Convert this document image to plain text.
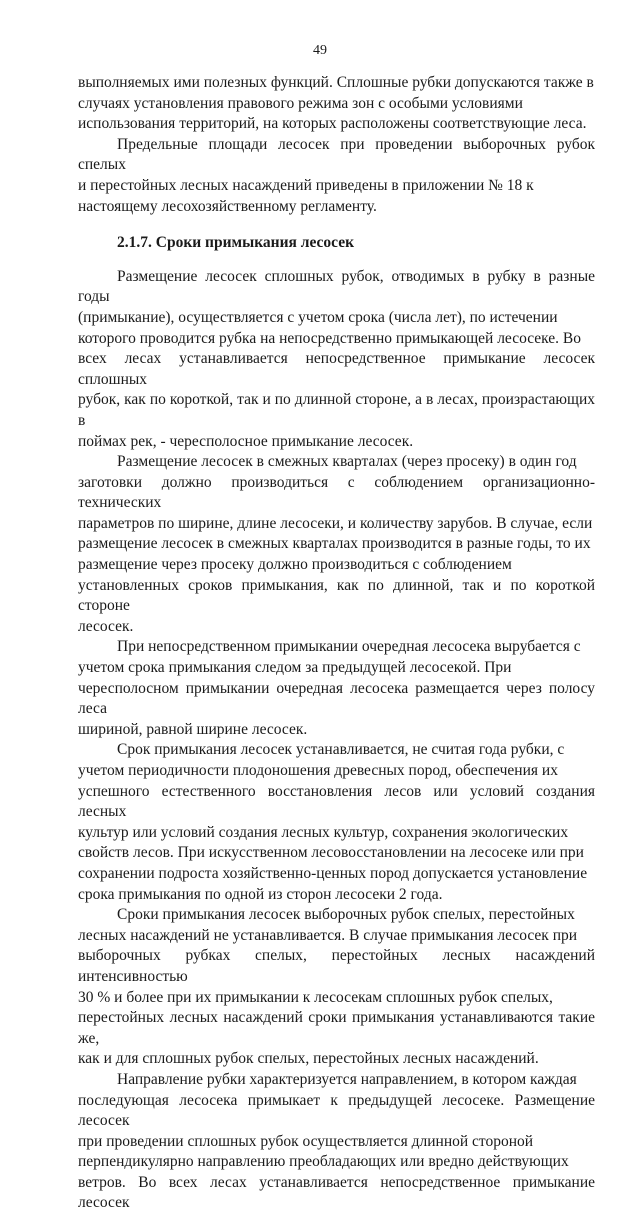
49

выполняемых ими полезных функций. Сплошные рубки допускаются также в
случаях установления правового режима зон с особыми условиями
использования территорий, на которых расположены соответствующие леса.

Предельные площади лесосек при проведении выборочных рубок спелых
и перестойных лесных насаждений приведены в приложении № 18 к
настоящему лесохозяйственному регламенту.

2.1.7. Сроки примыкания лесосек

Размещение лесосек сплошных рубок, отводимых в рубку в разные годы
(примыкание), осуществляется с учетом срока (числа лет), по истечении
которого проводится рубка на непосредственно примыкающей лесосеке. Во
всех лесах устанавливается непосредственное примыкание лесосек сплошных
рубок, как по короткой, так и по длинной стороне, а в лесах, произрастающих в
поймах рек, - чересполосное примыкание лесосек.

Размещение лесосек в смежных кварталах (через просеку) в один год
заготовки должно производиться с соблюдением организационно- технических
параметров по ширине, длине лесосеки, и количеству зарубов. В случае, если
размещение лесосек в смежных кварталах производится в разные годы, то их
размещение через просеку должно производиться с соблюдением
установленных сроков примыкания, как по длинной, так и по короткой стороне
лесосек.

При непосредственном примыкании очередная лесосека вырубается с
учетом срока примыкания следом за предыдущей лесосекой. При
чересполосном примыкании очередная лесосека размещается через полосу леса
шириной, равной ширине лесосек.

Срок примыкания лесосек устанавливается, не считая года рубки, с
учетом периодичности плодоношения древесных пород, обеспечения их
успешного естественного восстановления лесов или условий создания лесных
культур или условий создания лесных культур, сохранения экологических
свойств лесов. При искусственном лесовосстановлении на лесосеке или при
сохранении подроста хозяйственно-ценных пород допускается установление
срока примыкания по одной из сторон лесосеки 2 года.

Сроки примыкания лесосек выборочных рубок спелых, перестойных
лесных насаждений не устанавливается. В случае примыкания лесосек при
выборочных рубках спелых, перестойных лесных насаждений интенсивностью
30 % и более при их примыкании к лесосекам сплошных рубок спелых,
перестойных лесных насаждений сроки примыкания устанавливаются такие же,
как и для сплошных рубок спелых, перестойных лесных насаждений.

Направление рубки характеризуется направлением, в котором каждая
последующая лесосека примыкает к предыдущей лесосеке. Размещение лесосек
при проведении сплошных рубок осуществляется длинной стороной
перпендикулярно направлению преобладающих или вредно действующих
ветров. Во всех лесах устанавливается непосредственное примыкание лесосек
